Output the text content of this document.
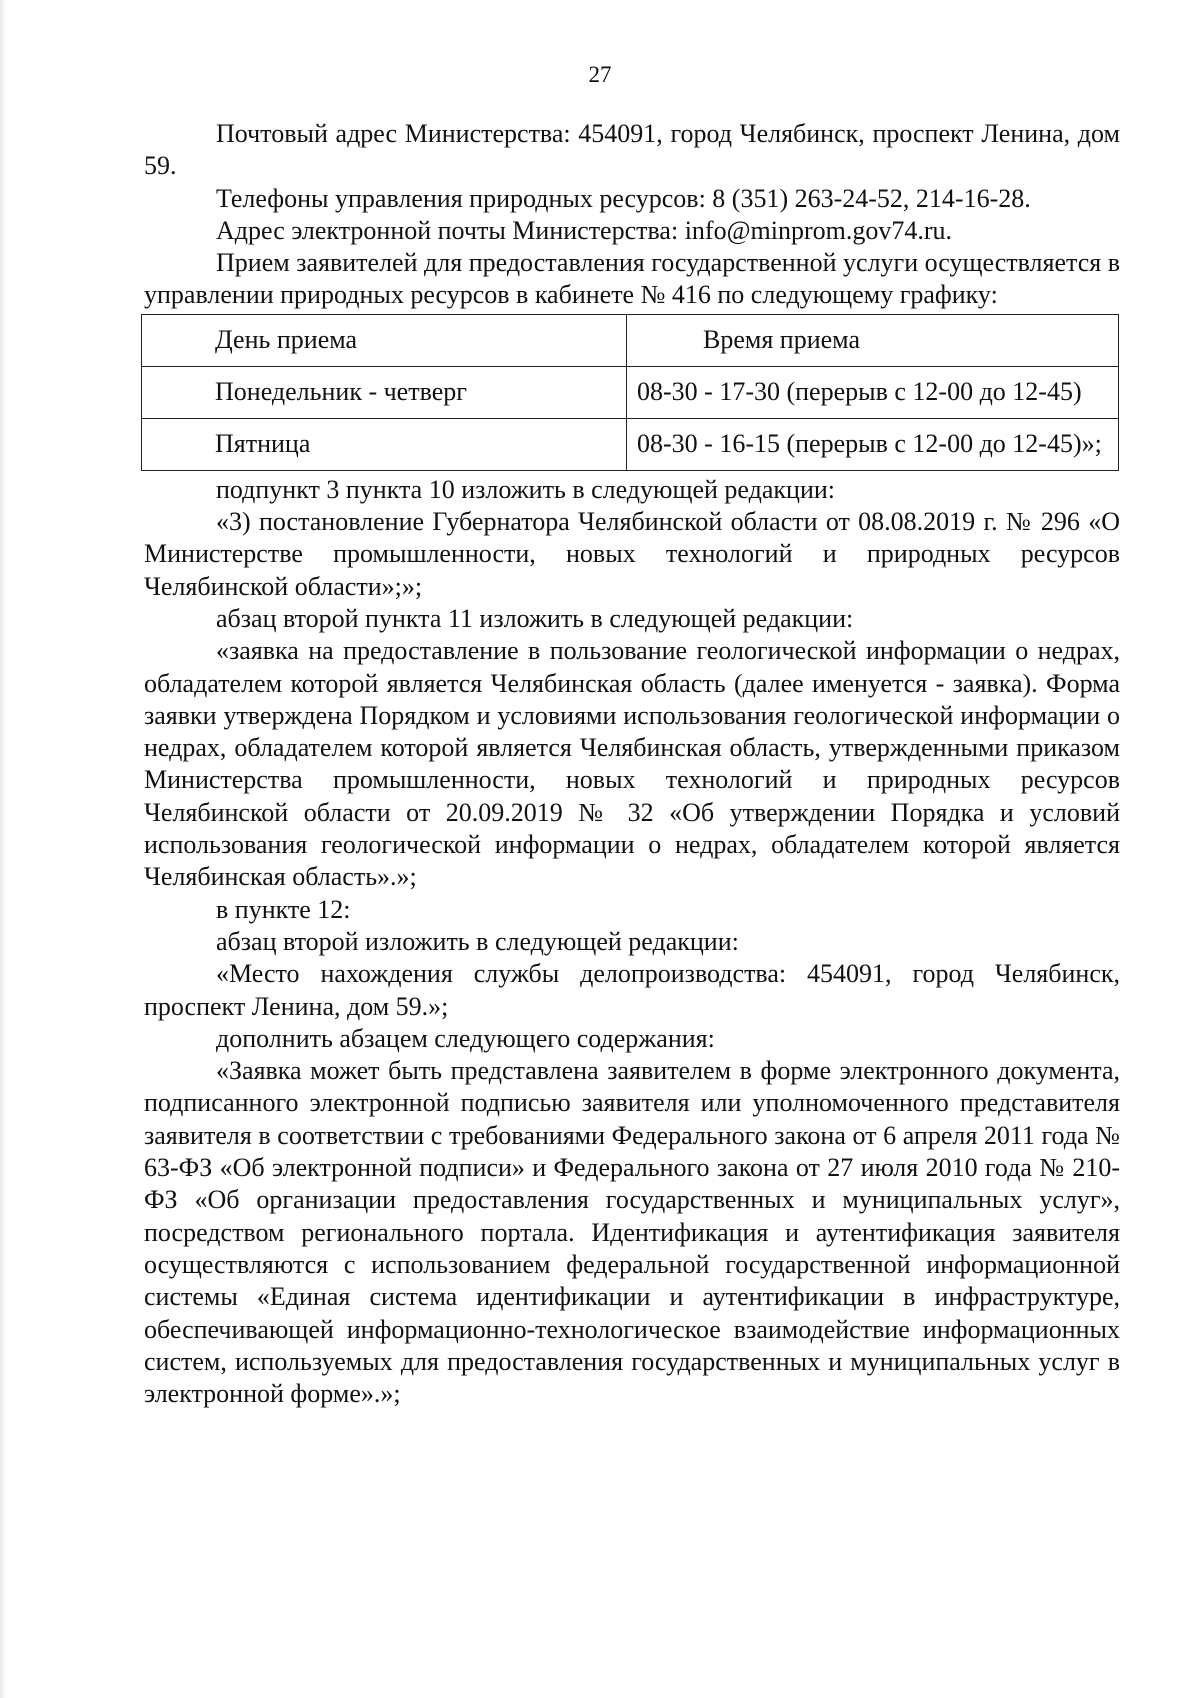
27

Почтовый адрес Министерства: 454091, город Челябинск, проспект Ленина, дом 59.

Телефоны управления природных ресурсов: 8 (351) 263-24-52, 214-16-28.

Адрес электронной почты Министерства: info@minprom.gov74.ru.

Прием заявителей для предоставления государственной услуги осуществляется в управлении природных ресурсов в кабинете № 416 по следующему графику:

День приема	Время приема
Понедельник - четверг	08-30 - 17-30 (перерыв с 12-00 до 12-45)
Пятница	08-30 - 16-15 (перерыв с 12-00 до 12-45)»;

подпункт 3 пункта 10 изложить в следующей редакции:

«3) постановление Губернатора Челябинской области от 08.08.2019 г. № 296 «О Министерстве промышленности, новых технологий и природных ресурсов Челябинской области»;»;

абзац второй пункта 11 изложить в следующей редакции:

«заявка на предоставление в пользование геологической информации о недрах, обладателем которой является Челябинская область (далее именуется - заявка). Форма заявки утверждена Порядком и условиями использования геологической информации о недрах, обладателем которой является Челябинская область, утвержденными приказом Министерства промышленности, новых технологий и природных ресурсов Челябинской области от 20.09.2019 № 32 «Об утверждении Порядка и условий использования геологической информации о недрах, обладателем которой является Челябинская область».»;

в пункте 12:

абзац второй изложить в следующей редакции:

«Место нахождения службы делопроизводства: 454091, город Челябинск, проспект Ленина, дом 59.»;

дополнить абзацем следующего содержания:

«Заявка может быть представлена заявителем в форме электронного документа, подписанного электронной подписью заявителя или уполномоченного представителя заявителя в соответствии с требованиями Федерального закона от 6 апреля 2011 года № 63-ФЗ «Об электронной подписи» и Федерального закона от 27 июля 2010 года № 210-ФЗ «Об организации предоставления государственных и муниципальных услуг», посредством регионального портала. Идентификация и аутентификация заявителя осуществляются с использованием федеральной государственной информационной системы «Единая система идентификации и аутентификации в инфраструктуре, обеспечивающей информационно-технологическое взаимодействие информационных систем, используемых для предоставления государственных и муниципальных услуг в электронной форме».»;
